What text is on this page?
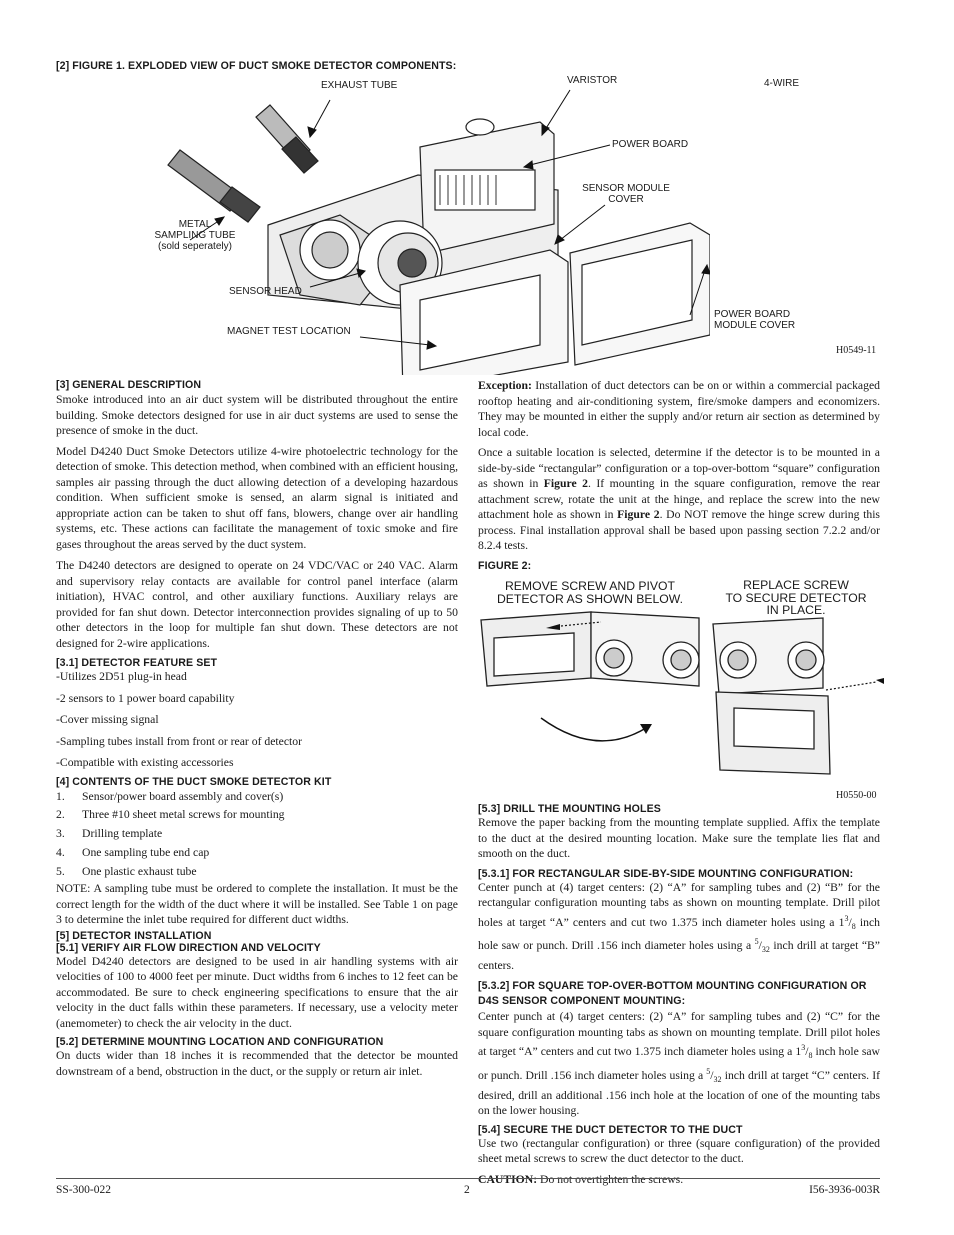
[2] FIGURE 1. EXPLODED VIEW OF DUCT SMOKE DETECTOR COMPONENTS:
EXHAUST TUBE	VARISTOR	4-WIRE
POWER BOARD
SENSOR MODULE
COVER
METAL
SAMPLING TUBE
(sold seperately)
SENSOR HEAD
POWER BOARD
MODULE COVER
MAGNET TEST LOCATION
H0549-11
[3] GENERAL DESCRIPTION

Smoke introduced into an air duct system will be distributed throughout the entire building. Smoke detectors designed for use in air duct systems are used to sense the presence of smoke in the duct.

Model D4240 Duct Smoke Detectors utilize 4-wire photoelectric technology for the detection of smoke. This detection method, when combined with an efficient housing, samples air passing through the duct allowing detection of a developing hazardous condition. When sufficient smoke is sensed, an alarm signal is initiated and appropriate action can be taken to shut off fans, blowers, change over air handling systems, etc. These actions can facilitate the management of toxic smoke and fire gases throughout the areas served by the duct system.

The D4240 detectors are designed to operate on 24 VDC/VAC or 240 VAC. Alarm and supervisory relay contacts are available for control panel interface (alarm initiation), HVAC control, and other auxiliary functions. Auxiliary relays are provided for fan shut down. Detector interconnection provides signaling of up to 50 other detectors in the loop for multiple fan shut down. These detectors are not designed for 2-wire applications.

[3.1] DETECTOR FEATURE SET
-Utilizes 2D51 plug-in head
-2 sensors to 1 power board capability
-Cover missing signal
-Sampling tubes install from front or rear of detector
-Compatible with existing accessories
[4] CONTENTS OF THE DUCT SMOKE DETECTOR KIT
1. Sensor/power board assembly and cover(s)
2. Three #10 sheet metal screws for mounting
3. Drilling template
4. One sampling tube end cap
5. One plastic exhaust tube

NOTE: A sampling tube must be ordered to complete the installation. It must be the correct length for the width of the duct where it will be installed. See Table 1 on page 3 to determine the inlet tube required for different duct widths.

[5] DETECTOR INSTALLATION
[5.1] VERIFY AIR FLOW DIRECTION AND VELOCITY

Model D4240 detectors are designed to be used in air handling systems with air velocities of 100 to 4000 feet per minute. Duct widths from 6 inches to 12 feet can be accommodated. Be sure to check engineering specifications to ensure that the air velocity in the duct falls within these parameters. If necessary, use a velocity meter (anemometer) to check the air velocity in the duct.

[5.2] DETERMINE MOUNTING LOCATION AND CONFIGURATION

On ducts wider than 18 inches it is recommended that the detector be mounted downstream of a bend, obstruction in the duct, or the supply or return air inlet.

Exception: Installation of duct detectors can be on or within a commercial packaged rooftop heating and air-conditioning system, fire/smoke dampers and economizers. They may be mounted in either the supply and/or return air section as determined by local code.

Once a suitable location is selected, determine if the detector is to be mounted in a side-by-side “rectangular” configuration or a top-over-bottom “square” configuration as shown in Figure 2. If mounting in the square configuration, remove the rear attachment screw, rotate the unit at the hinge, and replace the screw into the new attachment hole as shown in Figure 2. Do NOT remove the hinge screw during this process. Final installation approval shall be based upon passing section 7.2.2 and/or 8.2.4 tests.

FIGURE 2:
REMOVE SCREW AND PIVOT
DETECTOR AS SHOWN BELOW.
REPLACE SCREW
TO SECURE DETECTOR
IN PLACE.
H0550-00
[5.3] DRILL THE MOUNTING HOLES

Remove the paper backing from the mounting template supplied. Affix the template to the duct at the desired mounting location. Make sure the template lies flat and smooth on the duct.

[5.3.1] FOR RECTANGULAR SIDE-BY-SIDE MOUNTING CONFIGURATION:

Center punch at (4) target centers: (2) “A” for sampling tubes and (2) “B” for the rectangular configuration mounting tabs as shown on mounting template. Drill pilot holes at target “A” centers and cut two 1.375 inch diameter holes using a $1^3/_8$ inch hole saw or punch. Drill .156 inch diameter holes using a $^5/_{32}$ inch drill at target “B” centers.

[5.3.2] FOR SQUARE TOP-OVER-BOTTOM MOUNTING CONFIGURATION OR D4S SENSOR COMPONENT MOUNTING:

Center punch at (4) target centers: (2) “A” for sampling tubes and (2) “C” for the square configuration mounting tabs as shown on mounting template. Drill pilot holes at target “A” centers and cut two 1.375 inch diameter holes using a $1^3/_8$ inch hole saw or punch. Drill .156 inch diameter holes using a $^5/_{32}$ inch drill at target “C” centers. If desired, drill an additional .156 inch hole at the location of one of the mounting tabs on the lower housing.

[5.4] SECURE THE DUCT DETECTOR TO THE DUCT

Use two (rectangular configuration) or three (square configuration) of the provided sheet metal screws to screw the duct detector to the duct.

CAUTION: Do not overtighten the screws.

SS-300-022	2	I56-3936-003R
